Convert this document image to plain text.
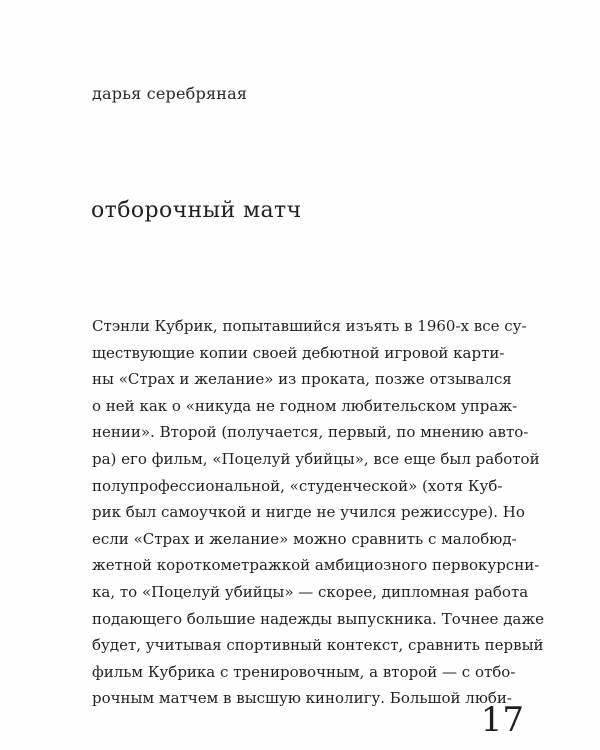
дарья серебряная
отборочный матч
Стэнли Кубрик, попытавшийся изъять в 1960-х все су-
ществующие копии своей дебютной игровой карти-
ны «Страх и желание» из проката, позже отзывался
о ней как о «никуда не годном любительском упраж-
нении». Второй (получается, первый, по мнению авто-
ра) его фильм, «Поцелуй убийцы», все еще был работой
полупрофессиональной, «студенческой» (хотя Куб-
рик был самоучкой и нигде не учился режиссуре). Но
если «Страх и желание» можно сравнить с малобюд-
жетной короткометражкой амбициозного первокурсни-
ка, то «Поцелуй убийцы» — скорее, дипломная работа
подающего большие надежды выпускника. Точнее даже
будет, учитывая спортивный контекст, сравнить первый
фильм Кубрика с тренировочным, а второй — с отбо-
рочным матчем в высшую кинолигу. Большой люби-
17
